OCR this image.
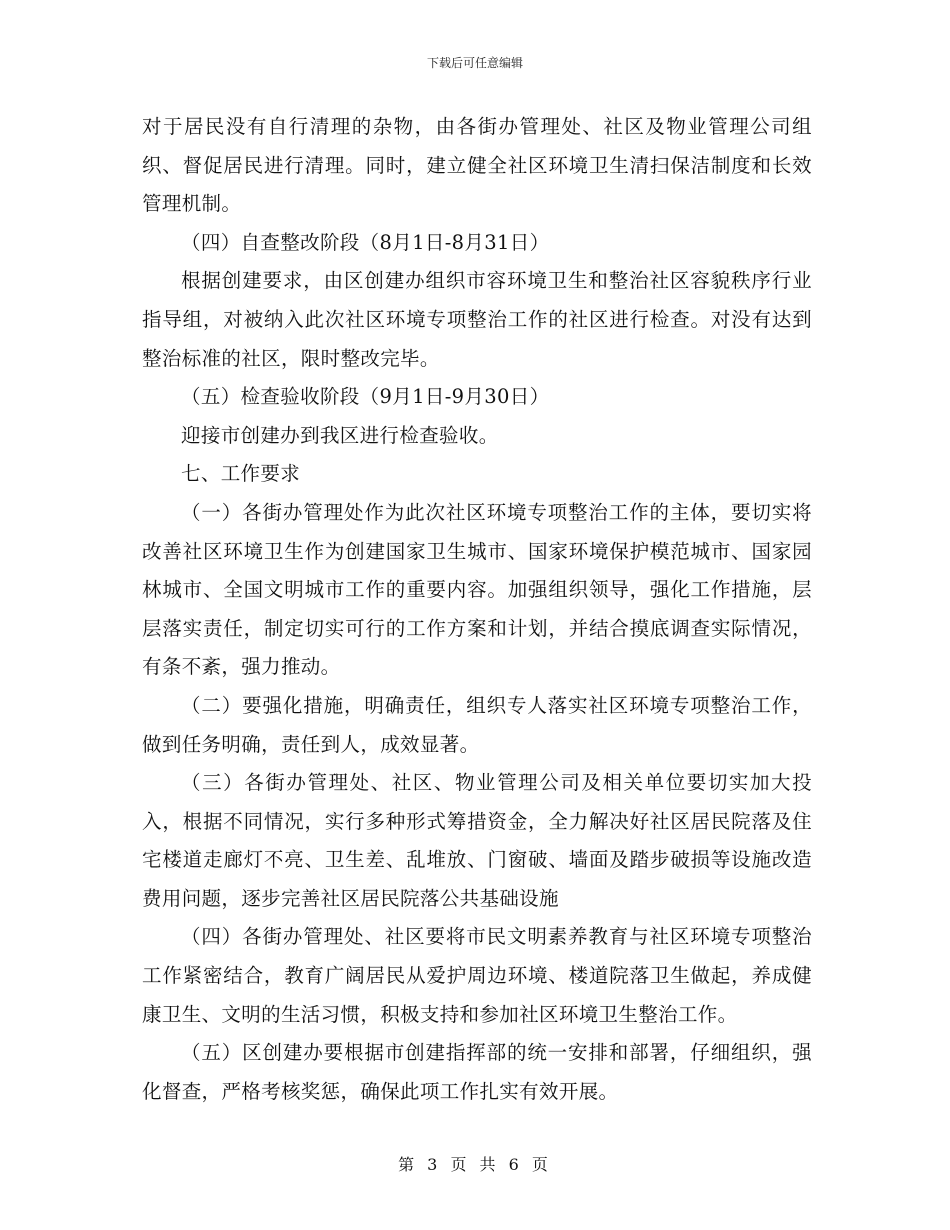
下载后可任意编辑

对于居民没有自行清理的杂物，由各街办管理处、社区及物业管理公司组织、督促居民进行清理。同时，建立健全社区环境卫生清扫保洁制度和长效管理机制。

（四）自查整改阶段（8月1日-8月31日）

根据创建要求，由区创建办组织市容环境卫生和整治社区容貌秩序行业指导组，对被纳入此次社区环境专项整治工作的社区进行检查。对没有达到整治标准的社区，限时整改完毕。

（五）检查验收阶段（9月1日-9月30日）

迎接市创建办到我区进行检查验收。

七、工作要求

（一）各街办管理处作为此次社区环境专项整治工作的主体，要切实将改善社区环境卫生作为创建国家卫生城市、国家环境保护模范城市、国家园林城市、全国文明城市工作的重要内容。加强组织领导，强化工作措施，层层落实责任，制定切实可行的工作方案和计划，并结合摸底调查实际情况，有条不紊，强力推动。

（二）要强化措施，明确责任，组织专人落实社区环境专项整治工作，做到任务明确，责任到人，成效显著。

（三）各街办管理处、社区、物业管理公司及相关单位要切实加大投入，根据不同情况，实行多种形式筹措资金，全力解决好社区居民院落及住宅楼道走廊灯不亮、卫生差、乱堆放、门窗破、墙面及踏步破损等设施改造费用问题，逐步完善社区居民院落公共基础设施

（四）各街办管理处、社区要将市民文明素养教育与社区环境专项整治工作紧密结合，教育广阔居民从爱护周边环境、楼道院落卫生做起，养成健康卫生、文明的生活习惯，积极支持和参加社区环境卫生整治工作。

（五）区创建办要根据市创建指挥部的统一安排和部署，仔细组织，强化督查，严格考核奖惩，确保此项工作扎实有效开展。

第 3 页 共 6 页
